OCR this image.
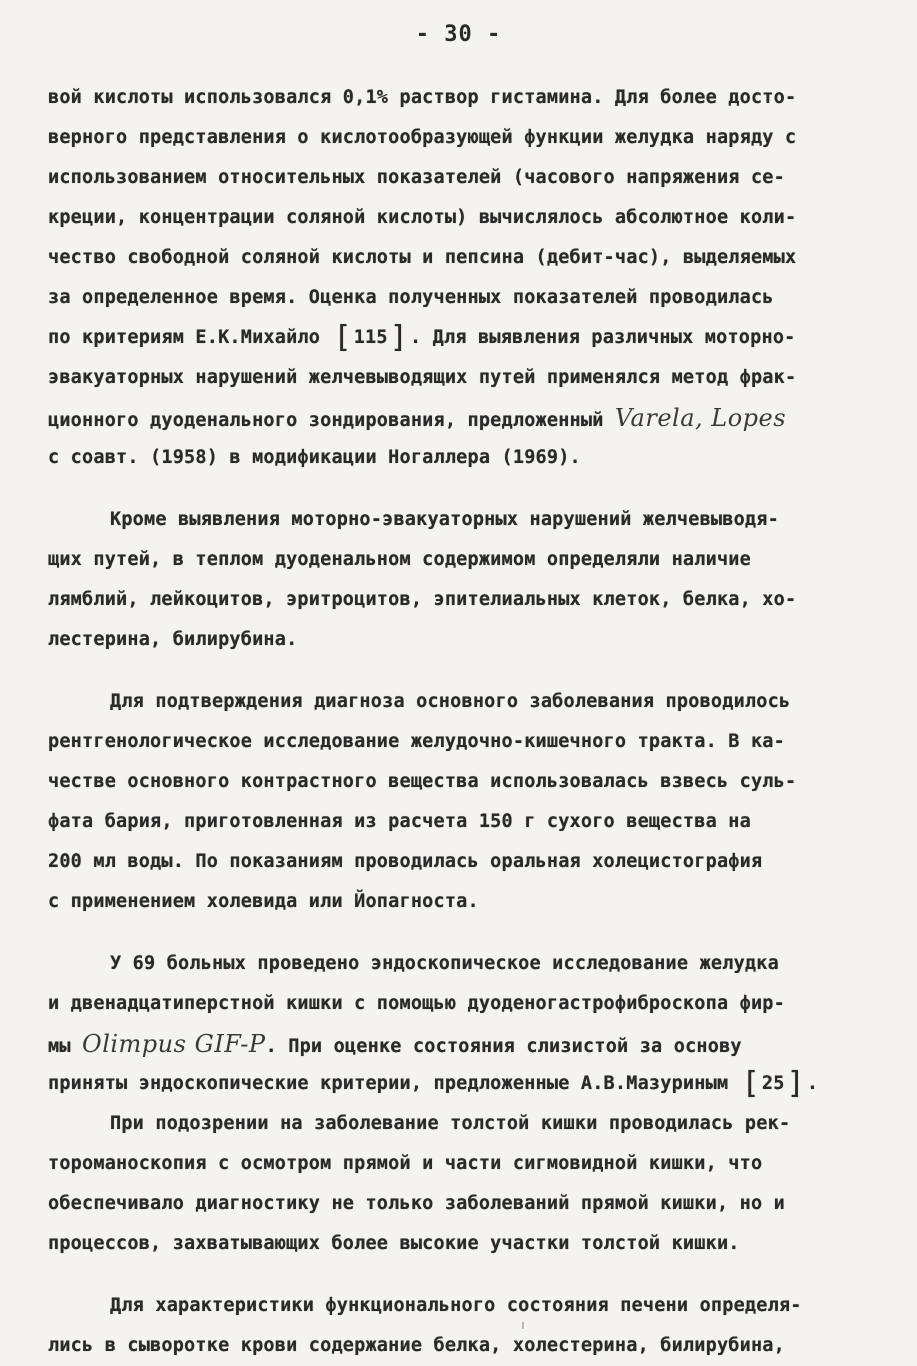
- 30 -
вой кислоты использовался 0,1% раствор гистамина. Для более досто-
верного представления о кислотообразующей функции желудка наряду с
использованием относительных показателей (часового напряжения се-
креции, концентрации соляной кислоты) вычислялось абсолютное коли-
чество свободной соляной кислоты и пепсина (дебит-час), выделяемых
за определенное время. Оценка полученных показателей проводилась
по критериям Е.К.Михайло [ 115] . Для выявления различных моторно-
эвакуаторных нарушений желчевыводящих путей применялся метод фрак-
ционного дуоденального зондирования, предложенный Varela, Lopes
с соавт. (1958) в модификации Ногаллера (1969).
Кроме выявления моторно-эвакуаторных нарушений желчевыводя-
щих путей, в теплом дуоденальном содержимом определяли наличие
лямблий, лейкоцитов, эритроцитов, эпителиальных клеток, белка, хо-
лестерина, билирубина.
Для подтверждения диагноза основного заболевания проводилось
рентгенологическое исследование желудочно-кишечного тракта. В ка-
честве основного контрастного вещества использовалась взвесь суль-
фата бария, приготовленная из расчета 150 г сухого вещества на
200 мл воды. По показаниям проводилась оральная холецистография
с применением холевида или Йопагноста.
У 69 больных проведено эндоскопическое исследование желудка
и двенадцатиперстной кишки с помощью дуоденогастрофиброскопа фир-
мы Olimpus GIF-P. При оценке состояния слизистой за основу
приняты эндоскопические критерии, предложенные А.В.Мазуриным [ 25] .
При подозрении на заболевание толстой кишки проводилась рек-
тороманоскопия с осмотром прямой и части сигмовидной кишки, что
обеспечивало диагностику не только заболеваний прямой кишки, но и
процессов, захватывающих более высокие участки толстой кишки.
Для характеристики функционального состояния печени определя-
лись в сыворотке крови содержание белка, холестерина, билирубина,
